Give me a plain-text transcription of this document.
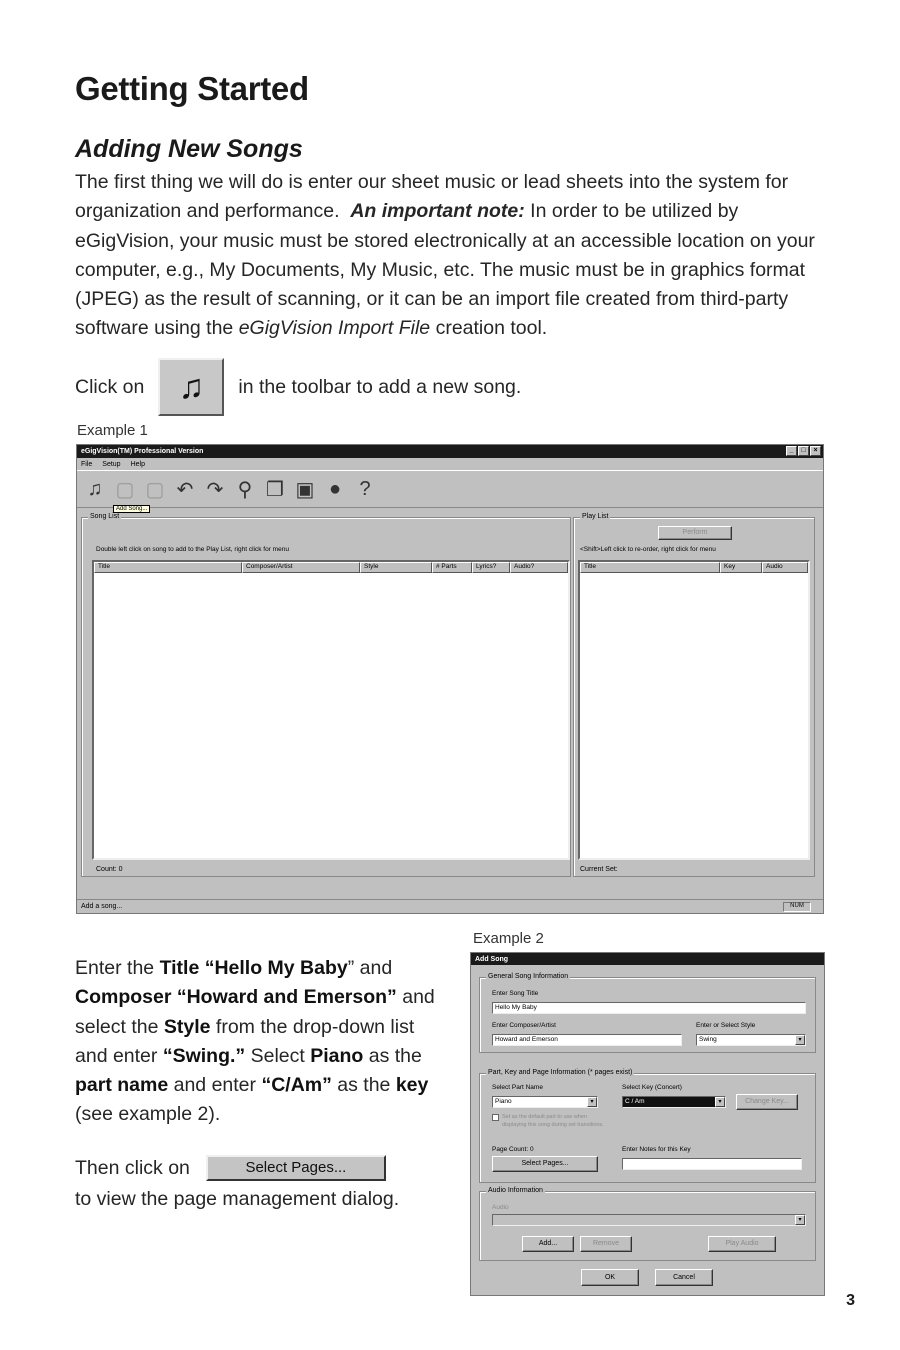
Getting Started
Adding New Songs

The first thing we will do is enter our sheet music or lead sheets into the system for organization and performance. An important note: In order to be utilized by eGigVision, your music must be stored electronically at an accessible location on your computer, e.g., My Documents, My Music, etc. The music must be in graphics format (JPEG) as the result of scanning, or it can be an import file created from third-party software using the eGigVision Import File creation tool.

Click on	♫	in the toolbar to add a new song.
Example 1
eGigVision(TM) Professional Version	_	□	×
File Setup Help
♫ ▢ ▢ ↶ ↷ ⚲ ❐ ▣ ● ?
Add Song...
Song List
Double left click on song to add to the Play List, right click for menu
Title	Composer/Artist	Style	# Parts	Lyrics?	Audio?
Count: 0
Play List
Perform
<Shift>Left click to re-order, right click for menu
Title	Key	Audio
Current Set:
Add a song...	NUM
Example 2

Enter the Title “Hello My Baby” and Composer “Howard and Emerson” and select the Style from the drop-down list and enter “Swing.” Select Piano as the part name and enter “C/Am” as the key (see example 2).

Then click on	Select Pages...
to view the page management dialog.
Add Song
General Song Information
Enter Song Title
Hello My Baby
Enter Composer/Artist
Howard and Emerson
Enter or Select Style
Swing	▾
Part, Key and Page Information (* pages exist)
Select Part Name
Piano	▾
Select Key (Concert)
C / Am	▾	Change Key...
Set as the default part to use when displaying this song during set transitions.
Page Count: 0
Select Pages...
Enter Notes for this Key
Audio Information
Audio
▾
Add...	Remove	Play Audio
OK	Cancel
3
